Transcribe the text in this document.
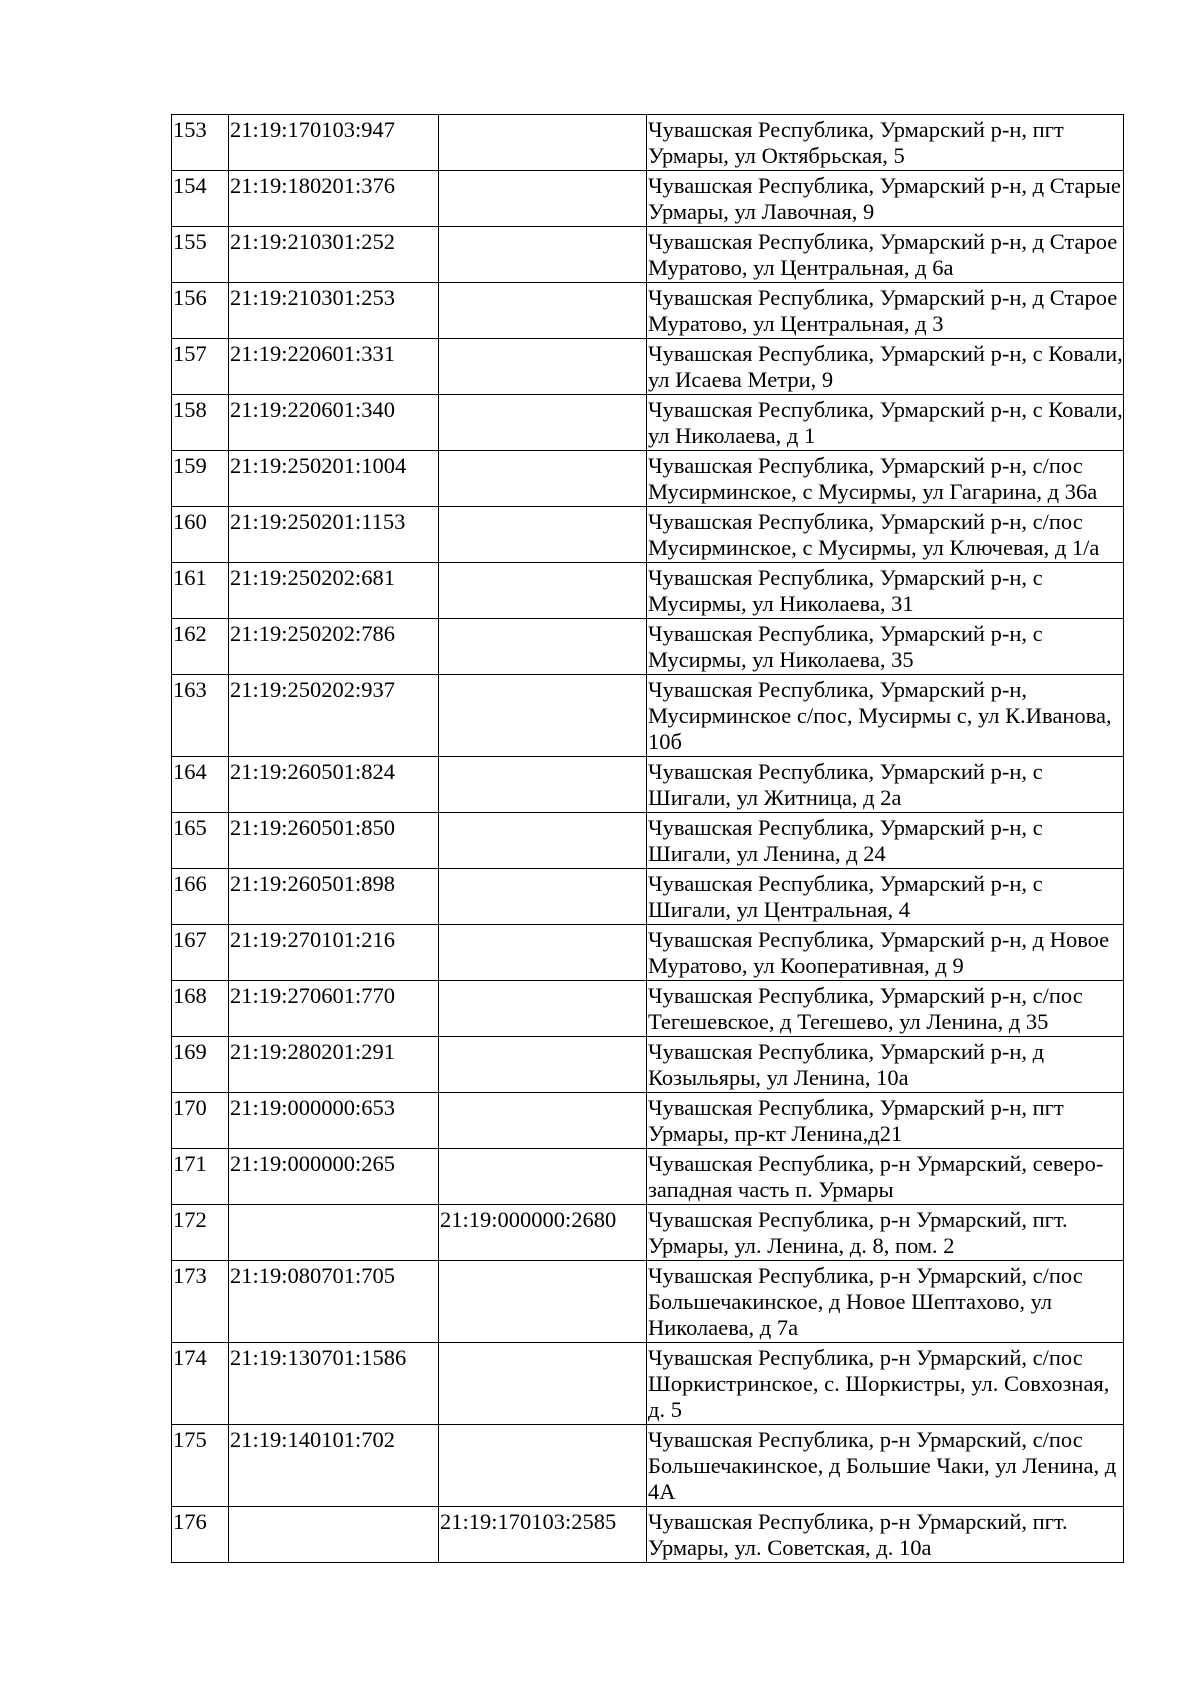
153	21:19:170103:947		Чувашская Республика, Урмарский р-н, пгт Урмары, ул Октябрьская, 5
154	21:19:180201:376		Чувашская Республика, Урмарский р-н, д Старые Урмары, ул Лавочная, 9
155	21:19:210301:252		Чувашская Республика, Урмарский р-н, д Старое Муратово, ул Центральная, д 6а
156	21:19:210301:253		Чувашская Республика, Урмарский р-н, д Старое Муратово, ул Центральная, д 3
157	21:19:220601:331		Чувашская Республика, Урмарский р-н, с Ковали, ул Исаева Метри, 9
158	21:19:220601:340		Чувашская Республика, Урмарский р-н, с Ковали, ул Николаева, д 1
159	21:19:250201:1004		Чувашская Республика, Урмарский р-н, с/пос Мусирминское, с Мусирмы, ул Гагарина, д 36а
160	21:19:250201:1153		Чувашская Республика, Урмарский р-н, с/пос Мусирминское, с Мусирмы, ул Ключевая, д 1/а
161	21:19:250202:681		Чувашская Республика, Урмарский р-н, с Мусирмы, ул Николаева, 31
162	21:19:250202:786		Чувашская Республика, Урмарский р-н, с Мусирмы, ул Николаева, 35
163	21:19:250202:937		Чувашская Республика, Урмарский р-н, Мусирминское с/пос, Мусирмы с, ул К.Иванова, 10б
164	21:19:260501:824		Чувашская Республика, Урмарский р-н, с Шигали, ул Житница, д 2а
165	21:19:260501:850		Чувашская Республика, Урмарский р-н, с Шигали, ул Ленина, д 24
166	21:19:260501:898		Чувашская Республика, Урмарский р-н, с Шигали, ул Центральная, 4
167	21:19:270101:216		Чувашская Республика, Урмарский р-н, д Новое Муратово, ул Кооперативная, д 9
168	21:19:270601:770		Чувашская Республика, Урмарский р-н, с/пос Тегешевское, д Тегешево, ул Ленина, д 35
169	21:19:280201:291		Чувашская Республика, Урмарский р-н, д Козыльяры, ул Ленина, 10а
170	21:19:000000:653		Чувашская Республика, Урмарский р-н, пгт Урмары, пр-кт Ленина,д21
171	21:19:000000:265		Чувашская Республика, р-н Урмарский, северо-западная часть п. Урмары
172		21:19:000000:2680	Чувашская Республика, р-н Урмарский, пгт. Урмары, ул. Ленина, д. 8, пом. 2
173	21:19:080701:705		Чувашская Республика, р-н Урмарский, с/пос Большечакинское, д Новое Шептахово, ул Николаева, д 7а
174	21:19:130701:1586		Чувашская Республика, р-н Урмарский, с/пос Шоркистринское, с. Шоркистры, ул. Совхозная, д. 5
175	21:19:140101:702		Чувашская Республика, р-н Урмарский, с/пос Большечакинское, д Большие Чаки, ул Ленина, д 4А
176		21:19:170103:2585	Чувашская Республика, р-н Урмарский, пгт. Урмары, ул. Советская, д. 10а
